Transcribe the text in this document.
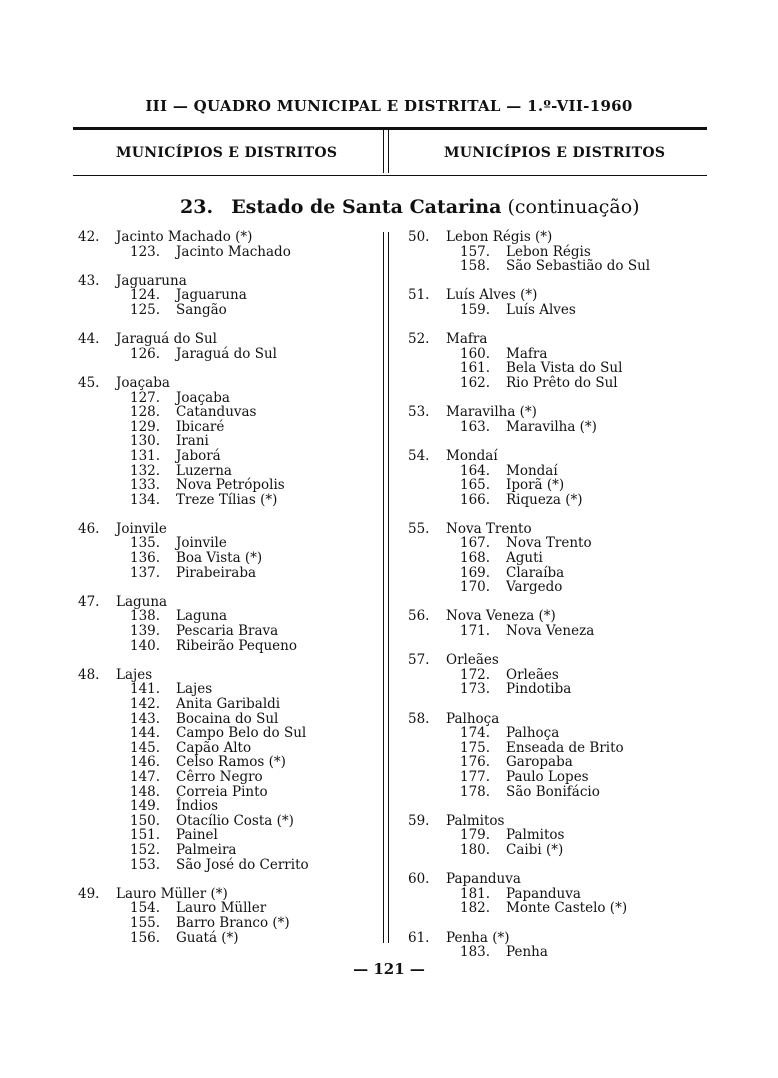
III — QUADRO MUNICIPAL E DISTRITAL — 1.º-VII-1960
MUNICÍPIOS E DISTRITOS	MUNICÍPIOS E DISTRITOS
23. Estado de Santa Catarina (continuação)
42. Jacinto Machado (*)
123. Jacinto Machado
43. Jaguaruna
124. Jaguaruna
125. Sangão
44. Jaraguá do Sul
126. Jaraguá do Sul
45. Joaçaba
127. Joaçaba
128. Catanduvas
129. Ibicaré
130. Irani
131. Jaborá
132. Luzerna
133. Nova Petrópolis
134. Treze Tílias (*)
46. Joinvile
135. Joinvile
136. Boa Vista (*)
137. Pirabeiraba
47. Laguna
138. Laguna
139. Pescaria Brava
140. Ribeirão Pequeno
48. Lajes
141. Lajes
142. Anita Garibaldi
143. Bocaina do Sul
144. Campo Belo do Sul
145. Capão Alto
146. Celso Ramos (*)
147. Cêrro Negro
148. Correia Pinto
149. Índios
150. Otacílio Costa (*)
151. Painel
152. Palmeira
153. São José do Cerrito
49. Lauro Müller (*)
154. Lauro Müller
155. Barro Branco (*)
156. Guatá (*)
50. Lebon Régis (*)
157. Lebon Régis
158. São Sebastião do Sul
51. Luís Alves (*)
159. Luís Alves
52. Mafra
160. Mafra
161. Bela Vista do Sul
162. Rio Prêto do Sul
53. Maravilha (*)
163. Maravilha (*)
54. Mondaí
164. Mondaí
165. Iporã (*)
166. Riqueza (*)
55. Nova Trento
167. Nova Trento
168. Aguti
169. Claraíba
170. Vargedo
56. Nova Veneza (*)
171. Nova Veneza
57. Orleães
172. Orleães
173. Pindotiba
58. Palhoça
174. Palhoça
175. Enseada de Brito
176. Garopaba
177. Paulo Lopes
178. São Bonifácio
59. Palmitos
179. Palmitos
180. Caibi (*)
60. Papanduva
181. Papanduva
182. Monte Castelo (*)
61. Penha (*)
183. Penha
— 121 —
